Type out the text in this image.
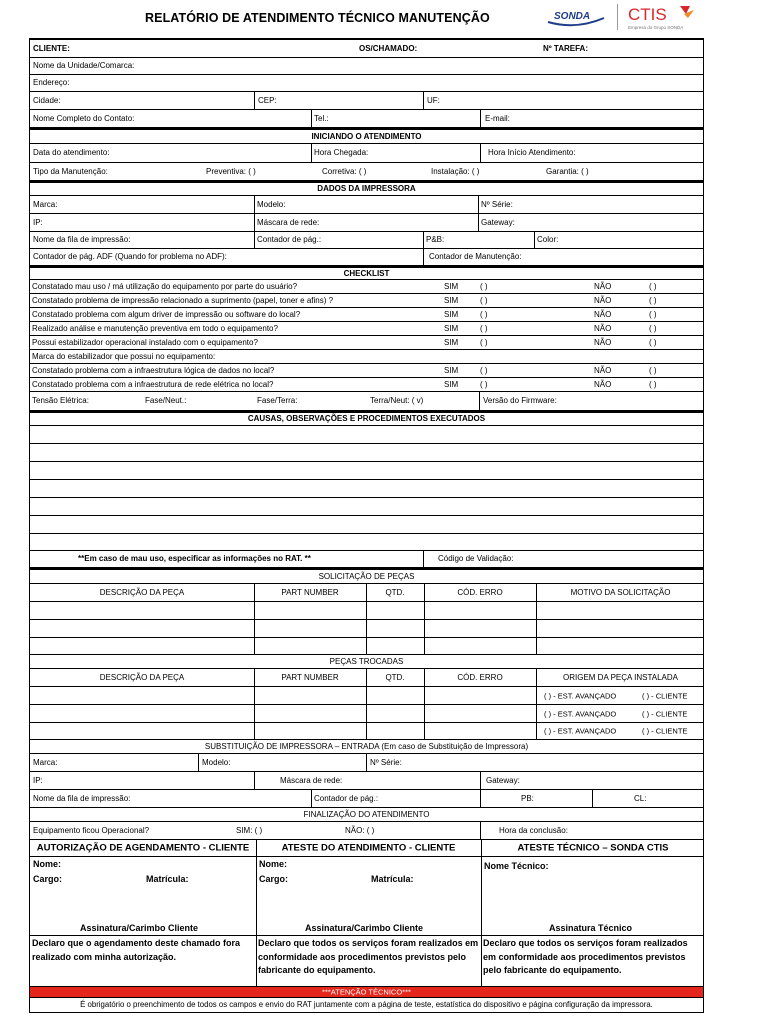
RELATÓRIO DE ATENDIMENTO TÉCNICO MANUTENÇÃO	SONDA CTIS
Empresa do Grupo SONDA
CLIENTE:	OS/CHAMADO:	Nº TAREFA:
Nome da Unidade/Comarca:
Endereço:
Cidade:	CEP:	UF:
Nome Completo do Contato:	Tel.:	E-mail:
INICIANDO O ATENDIMENTO
Data do atendimento:	Hora Chegada:	Hora Início Atendimento:
Tipo da Manutenção:	Preventiva: ( )	Corretiva: ( )	Instalação: ( )	Garantia: ( )
DADOS DA IMPRESSORA
Marca:	Modelo:	Nº Série:
IP:	Máscara de rede:	Gateway:
Nome da fila de impressão:	Contador de pág.:	P&B:	Color:
Contador de pág. ADF (Quando for problema no ADF):	Contador de Manutenção:
CHECKLIST
Constatado mau uso / má utilização do equipamento por parte do usuário?	SIM	( )	NÃO	( )
Constatado problema de impressão relacionado a suprimento (papel, toner e afins) ?	SIM	( )	NÃO	( )
Constatado problema com algum driver de impressão ou software do local?	SIM	( )	NÃO	( )
Realizado análise e manutenção preventiva em todo o equipamento?	SIM	( )	NÃO	( )
Possui estabilizador operacional instalado com o equipamento?	SIM	( )	NÃO	( )
Marca do estabilizador que possui no equipamento:
Constatado problema com a infraestrutura lógica de dados no local?	SIM	( )	NÃO	( )
Constatado problema com a infraestrutura de rede elétrica no local?	SIM	( )	NÃO	( )
Tensão Elétrica:	Fase/Neut.:	Fase/Terra:	Terra/Neut: ( v)	Versão do Firmware:
CAUSAS, OBSERVAÇÕES E PROCEDIMENTOS EXECUTADOS
**Em caso de mau uso, especificar as informações no RAT. **	Código de Validação:
SOLICITAÇÃO DE PEÇAS
DESCRIÇÃO DA PEÇA	PART NUMBER	QTD.	CÓD. ERRO	MOTIVO DA SOLICITAÇÃO
PEÇAS TROCADAS
DESCRIÇÃO DA PEÇA	PART NUMBER	QTD.	CÓD. ERRO	ORIGEM DA PEÇA INSTALADA
( ) - EST. AVANÇADO	( ) - CLIENTE
( ) - EST. AVANÇADO	( ) - CLIENTE
( ) - EST. AVANÇADO	( ) - CLIENTE
SUBSTITUIÇÃO DE IMPRESSORA – ENTRADA (Em caso de Substituição de Impressora)
Marca:	Modelo:	Nº Série:
IP:	Máscara de rede:	Gateway:
Nome da fila de impressão:	Contador de pág.:	PB:	CL:
FINALIZAÇÃO DO ATENDIMENTO
Equipamento ficou Operacional?	SIM: ( )	NÃO: ( )	Hora da conclusão:
AUTORIZAÇÃO DE AGENDAMENTO - CLIENTE	ATESTE DO ATENDIMENTO - CLIENTE	ATESTE TÉCNICO – SONDA CTIS
Nome:
Cargo:	Matrícula:
Assinatura/Carimbo Cliente
Nome:
Cargo:	Matrícula:
Assinatura/Carimbo Cliente
Nome Técnico:
Assinatura Técnico
Declaro que o agendamento deste chamado fora realizado com minha autorização.
Declaro que todos os serviços foram realizados em conformidade aos procedimentos previstos pelo fabricante do equipamento.
Declaro que todos os serviços foram realizados em conformidade aos procedimentos previstos pelo fabricante do equipamento.
***ATENÇÃO TÉCNICO***
É obrigatório o preenchimento de todos os campos e envio do RAT juntamente com a página de teste, estatística do dispositivo e página configuração da impressora.
